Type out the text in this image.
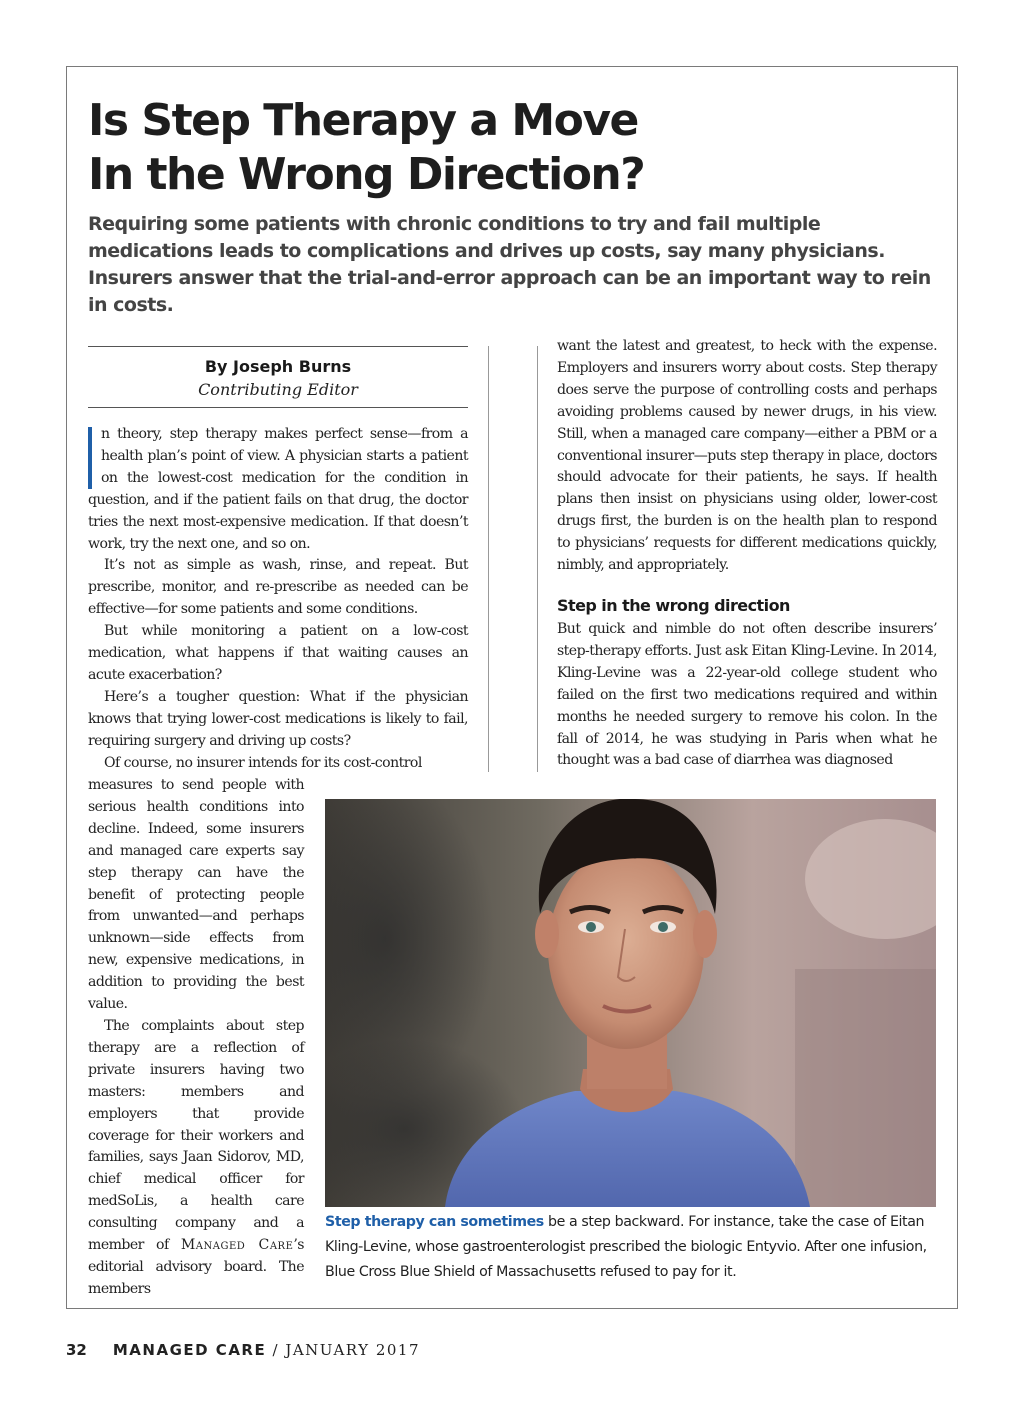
Is Step Therapy a Move
In the Wrong Direction?

Requiring some patients with chronic conditions to try and fail multiple medications leads to complications and drives up costs, say many physicians. Insurers answer that the trial-and-error approach can be an important way to rein in costs.

By Joseph Burns
Contributing Editor

n theory, step therapy makes perfect sense—from a health plan’s point of view. A physician starts a patient on the lowest-cost medication for the condition in question, and if the patient fails on that drug, the doctor tries the next most-expensive medication. If that doesn’t work, try the next one, and so on.

It’s not as simple as wash, rinse, and repeat. But prescribe, monitor, and re-prescribe as needed can be effective—for some patients and some conditions.

But while monitoring a patient on a low-cost medication, what happens if that waiting causes an acute exacerbation?

Here’s a tougher question: What if the physician knows that trying lower-cost medications is likely to fail, requiring surgery and driving up costs?

Of course, no insurer intends for its cost-control

measures to send people with serious health conditions into decline. Indeed, some insurers and managed care experts say step therapy can have the benefit of protecting people from unwanted—and perhaps unknown—side effects from new, expensive medications, in addition to providing the best value.

The complaints about step therapy are a reflection of private insurers having two masters: members and employers that provide coverage for their workers and families, says Jaan Sidorov, MD, chief medical officer for medSoLis, a health care consulting company and a member of Managed Care’s editorial advisory board. The members

want the latest and greatest, to heck with the expense. Employers and insurers worry about costs. Step therapy does serve the purpose of controlling costs and perhaps avoiding problems caused by newer drugs, in his view. Still, when a managed care company—either a PBM or a conventional insurer—puts step therapy in place, doctors should advocate for their patients, he says. If health plans then insist on physicians using older, lower-cost drugs first, the burden is on the health plan to respond to physicians’ requests for different medications quickly, nimbly, and appropriately.

Step in the wrong direction

But quick and nimble do not often describe insurers’ step-therapy efforts. Just ask Eitan Kling-Levine. In 2014, Kling-Levine was a 22-year-old college student who failed on the first two medications required and within months he needed surgery to remove his colon. In the fall of 2014, he was studying in Paris when what he thought was a bad case of diarrhea was diagnosed

Step therapy can sometimes be a step backward. For instance, take the case of Eitan Kling-Levine, whose gastroenterologist prescribed the biologic Entyvio. After one infusion, Blue Cross Blue Shield of Massachusetts refused to pay for it.
32 MANAGED CARE / JANUARY 2017
